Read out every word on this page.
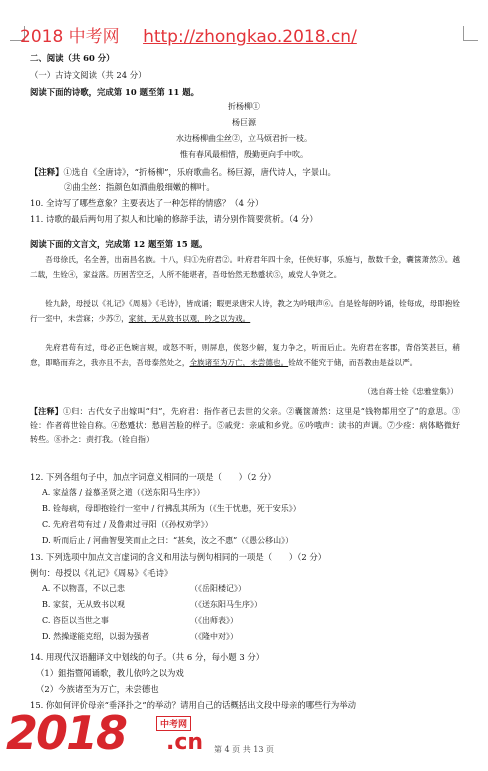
2018 中考网 http://zhongkao.2018.cn/
二、阅读（共 60 分）
（一）古诗文阅读（共 24 分）
阅读下面的诗歌，完成第 10 题至第 11 题。
折杨柳①
杨巨源
水边杨柳曲尘丝②，立马烦君折一枝。
惟有春风最相惜，殷勤更向手中吹。
【注释】①选自《全唐诗》，“折杨柳”，乐府歌曲名。杨巨源，唐代诗人，字景山。
②曲尘丝：指颜色如酒曲般细嫩的柳叶。
10. 全诗写了哪些意象？主要表达了一种怎样的情感？（4 分）
11. 诗歌的最后两句用了拟人和比喻的修辞手法，请分别作简要赏析。（4 分）
阅读下面的文言文，完成第 12 题至第 15 题。
吾母徐氏，名全善，出南昌名族。十八，归①先府君②。叶府君年四十余，任侠好事，乐施与，散数千金，囊箧萧然③。越二载，生铨④，家益落。历困苦空乏，人所不能堪者，吾母怡然无愁蹙状⑤，戚党人争贤之。
铨九龄，母授以《礼记》《周易》《毛诗》，皆成诵；暇更录唐宋人诗，教之为吟哦声⑥。自是铨每朗吟诵，铨每成，母即抱铨行一室中，未尝寐；少苏⑦，家贫，无从致书以观，吟之以为戏。
先府君苟有过，母必正色婉言规，或怒不听，则屏息，俟怒少解，复力争之，听而后止。先府君在客郡，背俗笑甚巨，稍怠，即略而弃之，我亦且不去，吾母泰然处之，全族诸至为万亡，未尝德也。铨故不能究于储，而吾教由是益以严。
（选自蒋士铨《忠雅堂集》）
【注释】①归：古代女子出嫁叫“归”，先府君：指作者已去世的父亲。②囊箧萧然：这里是“钱物都用空了”的意思。③铨：作者蒋世铨自称。④愁蹙状：愁眉苦脸的样子。⑤戚党：亲戚和乡党。⑥吟哦声：读书的声调。⑦少痊：病体略微好转些。⑧扑之：责打我。（铨自指）
12. 下列各组句子中，加点字词意义相同的一项是（　　）（2 分）
A. 家益落 / 益慕圣贤之道（《送东阳马生序》）
B. 铨每病，母即抱铨行一室中 / 行拂乱其所为（《生于忧患，死于安乐》）
C. 先府君苟有过 / 及鲁肃过寻阳（《孙权劝学》）
D. 听而后止 / 河曲智叟笑而止之曰：“甚矣，汝之不惠”（《愚公移山》）
13. 下列选项中加点文言虚词的含义和用法与例句相同的一项是（　　）（2 分）
例句：母授以《礼记》《周易》《毛诗》
A. 不以物喜，不以己悲	（《岳阳楼记》）
B. 家贫，无从致书以观	（《送东阳马生序》）
C. 咨臣以当世之事	（《出师表》）
D. 然操遂能克绍，以弱为强者	（《隆中对》）
14. 用现代汉语翻译文中划线的句子。（共 6 分，每小题 3 分）
（1）鉏指暨闻诵歌，教儿依吟之以为戏
（2）今族诸至为万亡，未尝德也
15. 你如何评价母亲“垂泽扑之”的举动？请用自己的话概括出文段中母亲的哪些行为举动
2018	中考网
.cn	第 4 页 共 13 页
